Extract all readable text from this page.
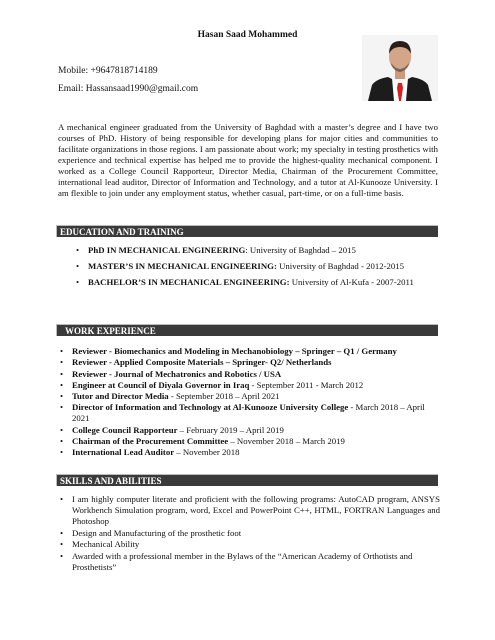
Hasan Saad Mohammed
Mobile: +9647818714189
Email: Hassansaad1990@gmail.com

A mechanical engineer graduated from the University of Baghdad with a master’s degree and I have two courses of PhD. History of being responsible for developing plans for major cities and communities to facilitate organizations in those regions. I am passionate about work; my specialty in testing prosthetics with experience and technical expertise has helped me to provide the highest-quality mechanical component. I worked as a College Council Rapporteur, Director Media, Chairman of the Procurement Committee, international lead auditor, Director of Information and Technology, and a tutor at Al-Kunooze University. I am flexible to join under any employment status, whether casual, part-time, or on a full-time basis.

EDUCATION AND TRAINING
• PhD IN MECHANICAL ENGINEERING: University of Baghdad – 2015
• MASTER’S IN MECHANICAL ENGINEERING: University of Baghdad - 2012-2015
• BACHELOR’S IN MECHANICAL ENGINEERING: University of Al-Kufa - 2007-2011
WORK EXPERIENCE
• Reviewer - Biomechanics and Modeling in Mechanobiology – Springer – Q1 / Germany
• Reviewer - Applied Composite Materials – Springer- Q2/ Netherlands
• Reviewer - Journal of Mechatronics and Robotics / USA
• Engineer at Council of Diyala Governor in Iraq - September 2011 - March 2012
• Tutor and Director Media - September 2018 – April 2021
• Director of Information and Technology at Al-Kunooze University College - March 2018 – April 2021
• College Council Rapporteur – February 2019 – April 2019
• Chairman of the Procurement Committee – November 2018 – March 2019
• International Lead Auditor – November 2018
SKILLS AND ABILITIES
• I am highly computer literate and proficient with the following programs: AutoCAD program, ANSYS Workbench Simulation program, word, Excel and PowerPoint C++, HTML, FORTRAN Languages and Photoshop
• Design and Manufacturing of the prosthetic foot
• Mechanical Ability
• Awarded with a professional member in the Bylaws of the “American Academy of Orthotists and Prosthetists”
